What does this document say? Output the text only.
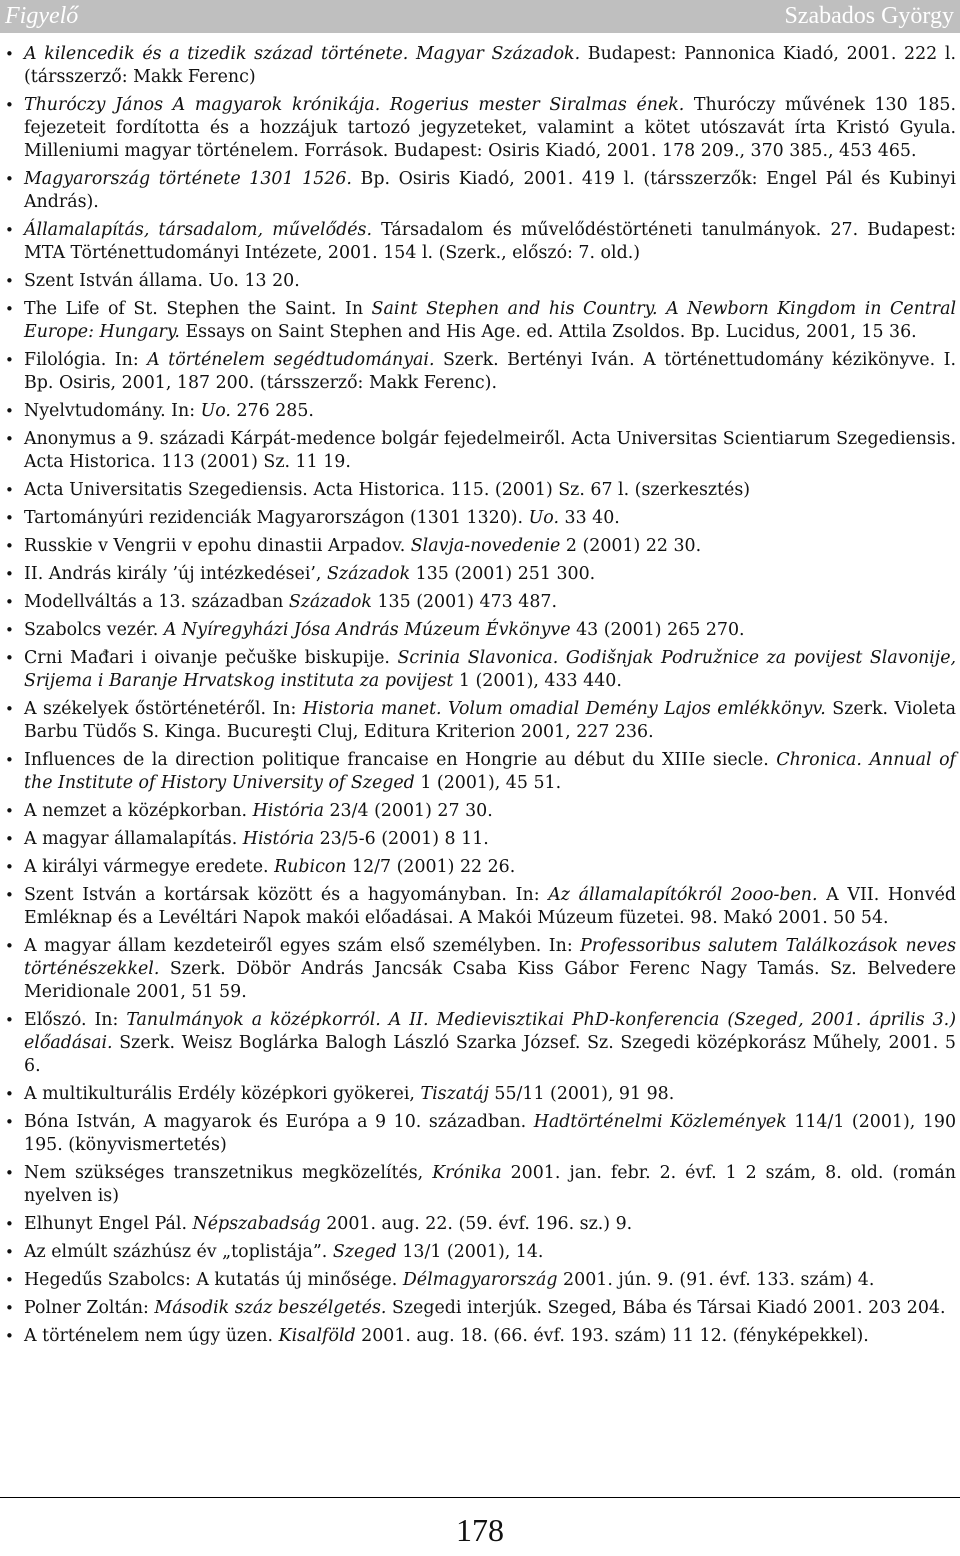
Figyelő	Szabados György
• A kilencedik és a tizedik század története. Magyar Századok. Budapest: Pannonica Kiadó, 2001. 222 l. (társszerző: Makk Ferenc)
• Thuróczy János A magyarok krónikája. Rogerius mester Siralmas ének. Thuróczy művének 130 185. fejezeteit fordította és a hozzájuk tartozó jegyzeteket, valamint a kötet utószavát írta Kristó Gyula. Milleniumi magyar történelem. Források. Budapest: Osiris Kiadó, 2001. 178 209., 370 385., 453 465.
• Magyarország története 1301 1526. Bp. Osiris Kiadó, 2001. 419 l. (társszerzők: Engel Pál és Kubinyi András).
• Államalapítás, társadalom, művelődés. Társadalom és művelődéstörténeti tanulmányok. 27. Budapest: MTA Történettudományi Intézete, 2001. 154 l. (Szerk., előszó: 7. old.)
• Szent István állama. Uo. 13 20.
• The Life of St. Stephen the Saint. In Saint Stephen and his Country. A Newborn Kingdom in Central Europe: Hungary. Essays on Saint Stephen and His Age. ed. Attila Zsoldos. Bp. Lucidus, 2001, 15 36.
• Filológia. In: A történelem segédtudományai. Szerk. Bertényi Iván. A történettudomány kézikönyve. I. Bp. Osiris, 2001, 187 200. (társszerző: Makk Ferenc).
• Nyelvtudomány. In: Uo. 276 285.
• Anonymus a 9. századi Kárpát-medence bolgár fejedelmeiről. Acta Universitas Scientiarum Szegediensis. Acta Historica. 113 (2001) Sz. 11 19.
• Acta Universitatis Szegediensis. Acta Historica. 115. (2001) Sz. 67 l. (szerkesztés)
• Tartományúri rezidenciák Magyarországon (1301 1320). Uo. 33 40.
• Russkie v Vengrii v epohu dinastii Arpadov. Slavja-novedenie 2 (2001) 22 30.
• II. András király ’új intézkedései’, Századok 135 (2001) 251 300.
• Modellváltás a 13. században Századok 135 (2001) 473 487.
• Szabolcs vezér. A Nyíregyházi Jósa András Múzeum Évkönyve 43 (2001) 265 270.
• Crni Mađari i oivanje pečuške biskupije. Scrinia Slavonica. Godišnjak Podružnice za povijest Slavonije, Srijema i Baranje Hrvatskog instituta za povijest 1 (2001), 433 440.
• A székelyek őstörténetéről. In: Historia manet. Volum omadial Demény Lajos emlékkönyv. Szerk. Violeta Barbu Tüdős S. Kinga. Bucureşti Cluj, Editura Kriterion 2001, 227 236.
• Influences de la direction politique francaise en Hongrie au début du XIIIe siecle. Chronica. Annual of the Institute of History University of Szeged 1 (2001), 45 51.
• A nemzet a középkorban. História 23/4 (2001) 27 30.
• A magyar államalapítás. História 23/5-6 (2001) 8 11.
• A királyi vármegye eredete. Rubicon 12/7 (2001) 22 26.
• Szent István a kortársak között és a hagyományban. In: Az államalapítókról 2ooo-ben. A VII. Honvéd Emléknap és a Levéltári Napok makói előadásai. A Makói Múzeum füzetei. 98. Makó 2001. 50 54.
• A magyar állam kezdeteiről egyes szám első személyben. In: Professoribus salutem Találkozások neves történészekkel. Szerk. Döbör András Jancsák Csaba Kiss Gábor Ferenc Nagy Tamás. Sz. Belvedere Meridionale 2001, 51 59.
• Előszó. In: Tanulmányok a középkorról. A II. Medievisztikai PhD-konferencia (Szeged, 2001. április 3.) előadásai. Szerk. Weisz Boglárka Balogh László Szarka József. Sz. Szegedi középkorász Műhely, 2001. 5 6.
• A multikulturális Erdély középkori gyökerei, Tiszatáj 55/11 (2001), 91 98.
• Bóna István, A magyarok és Európa a 9 10. században. Hadtörténelmi Közlemények 114/1 (2001), 190 195. (könyvismertetés)
• Nem szükséges transzetnikus megközelítés, Krónika 2001. jan. febr. 2. évf. 1 2 szám, 8. old. (román nyelven is)
• Elhunyt Engel Pál. Népszabadság 2001. aug. 22. (59. évf. 196. sz.) 9.
• Az elmúlt százhúsz év „toplistája”. Szeged 13/1 (2001), 14.
• Hegedűs Szabolcs: A kutatás új minősége. Délmagyarország 2001. jún. 9. (91. évf. 133. szám) 4.
• Polner Zoltán: Második száz beszélgetés. Szegedi interjúk. Szeged, Bába és Társai Kiadó 2001. 203 204.
• A történelem nem úgy üzen. Kisalföld 2001. aug. 18. (66. évf. 193. szám) 11 12. (fényképekkel).
178
